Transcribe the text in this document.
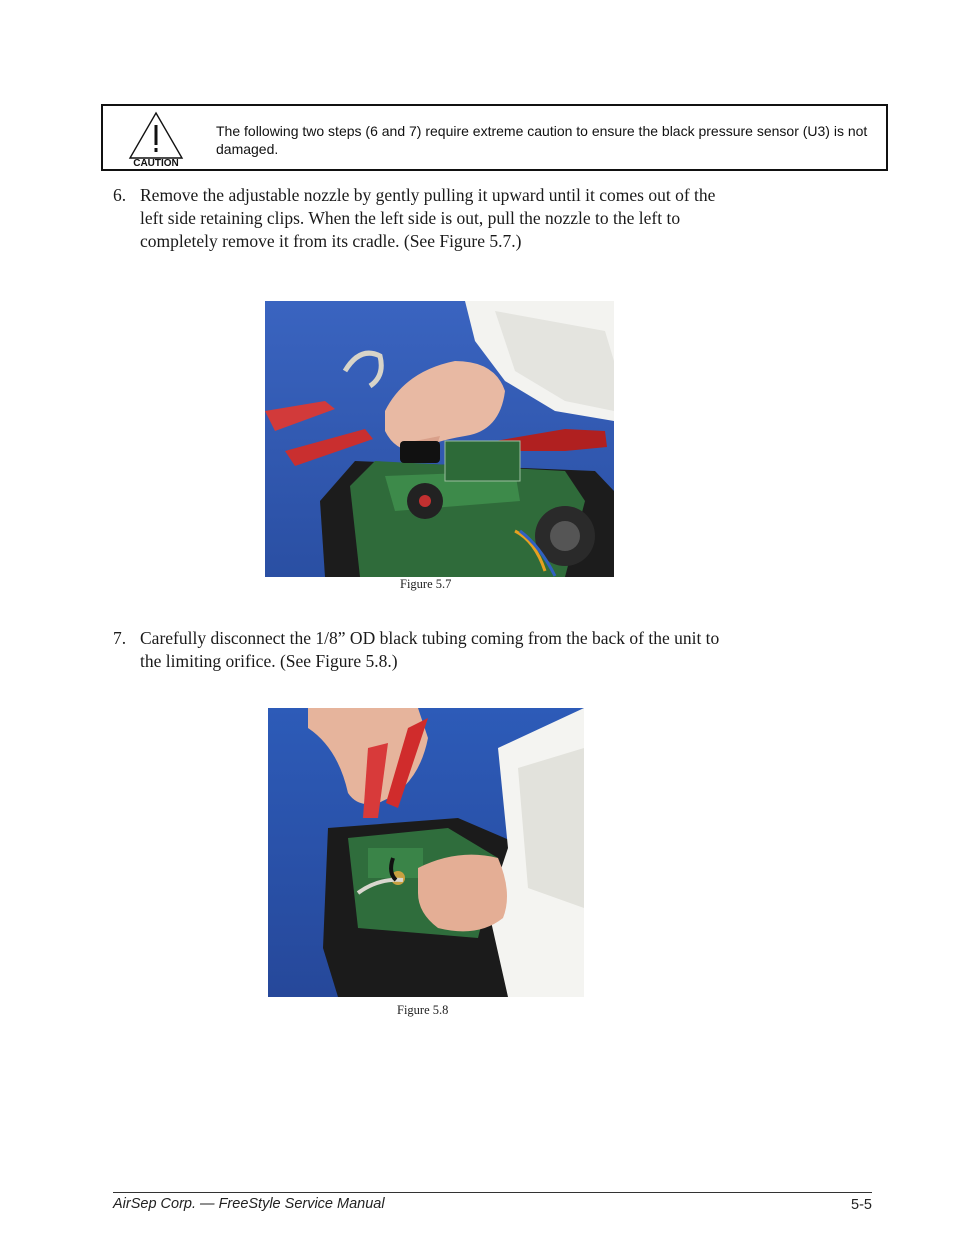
CAUTION
The following two steps (6 and 7) require extreme caution to ensure the black pressure sensor (U3) is not damaged.
6. Remove the adjustable nozzle by gently pulling it upward until it comes out of the left side retaining clips. When the left side is out, pull the nozzle to the left to completely remove it from its cradle. (See Figure 5.7.)
Figure 5.7
7. Carefully disconnect the 1/8” OD black tubing coming from the back of the unit to the limiting orifice. (See Figure 5.8.)
Figure 5.8
AirSep Corp. — FreeStyle Service Manual	5-5
